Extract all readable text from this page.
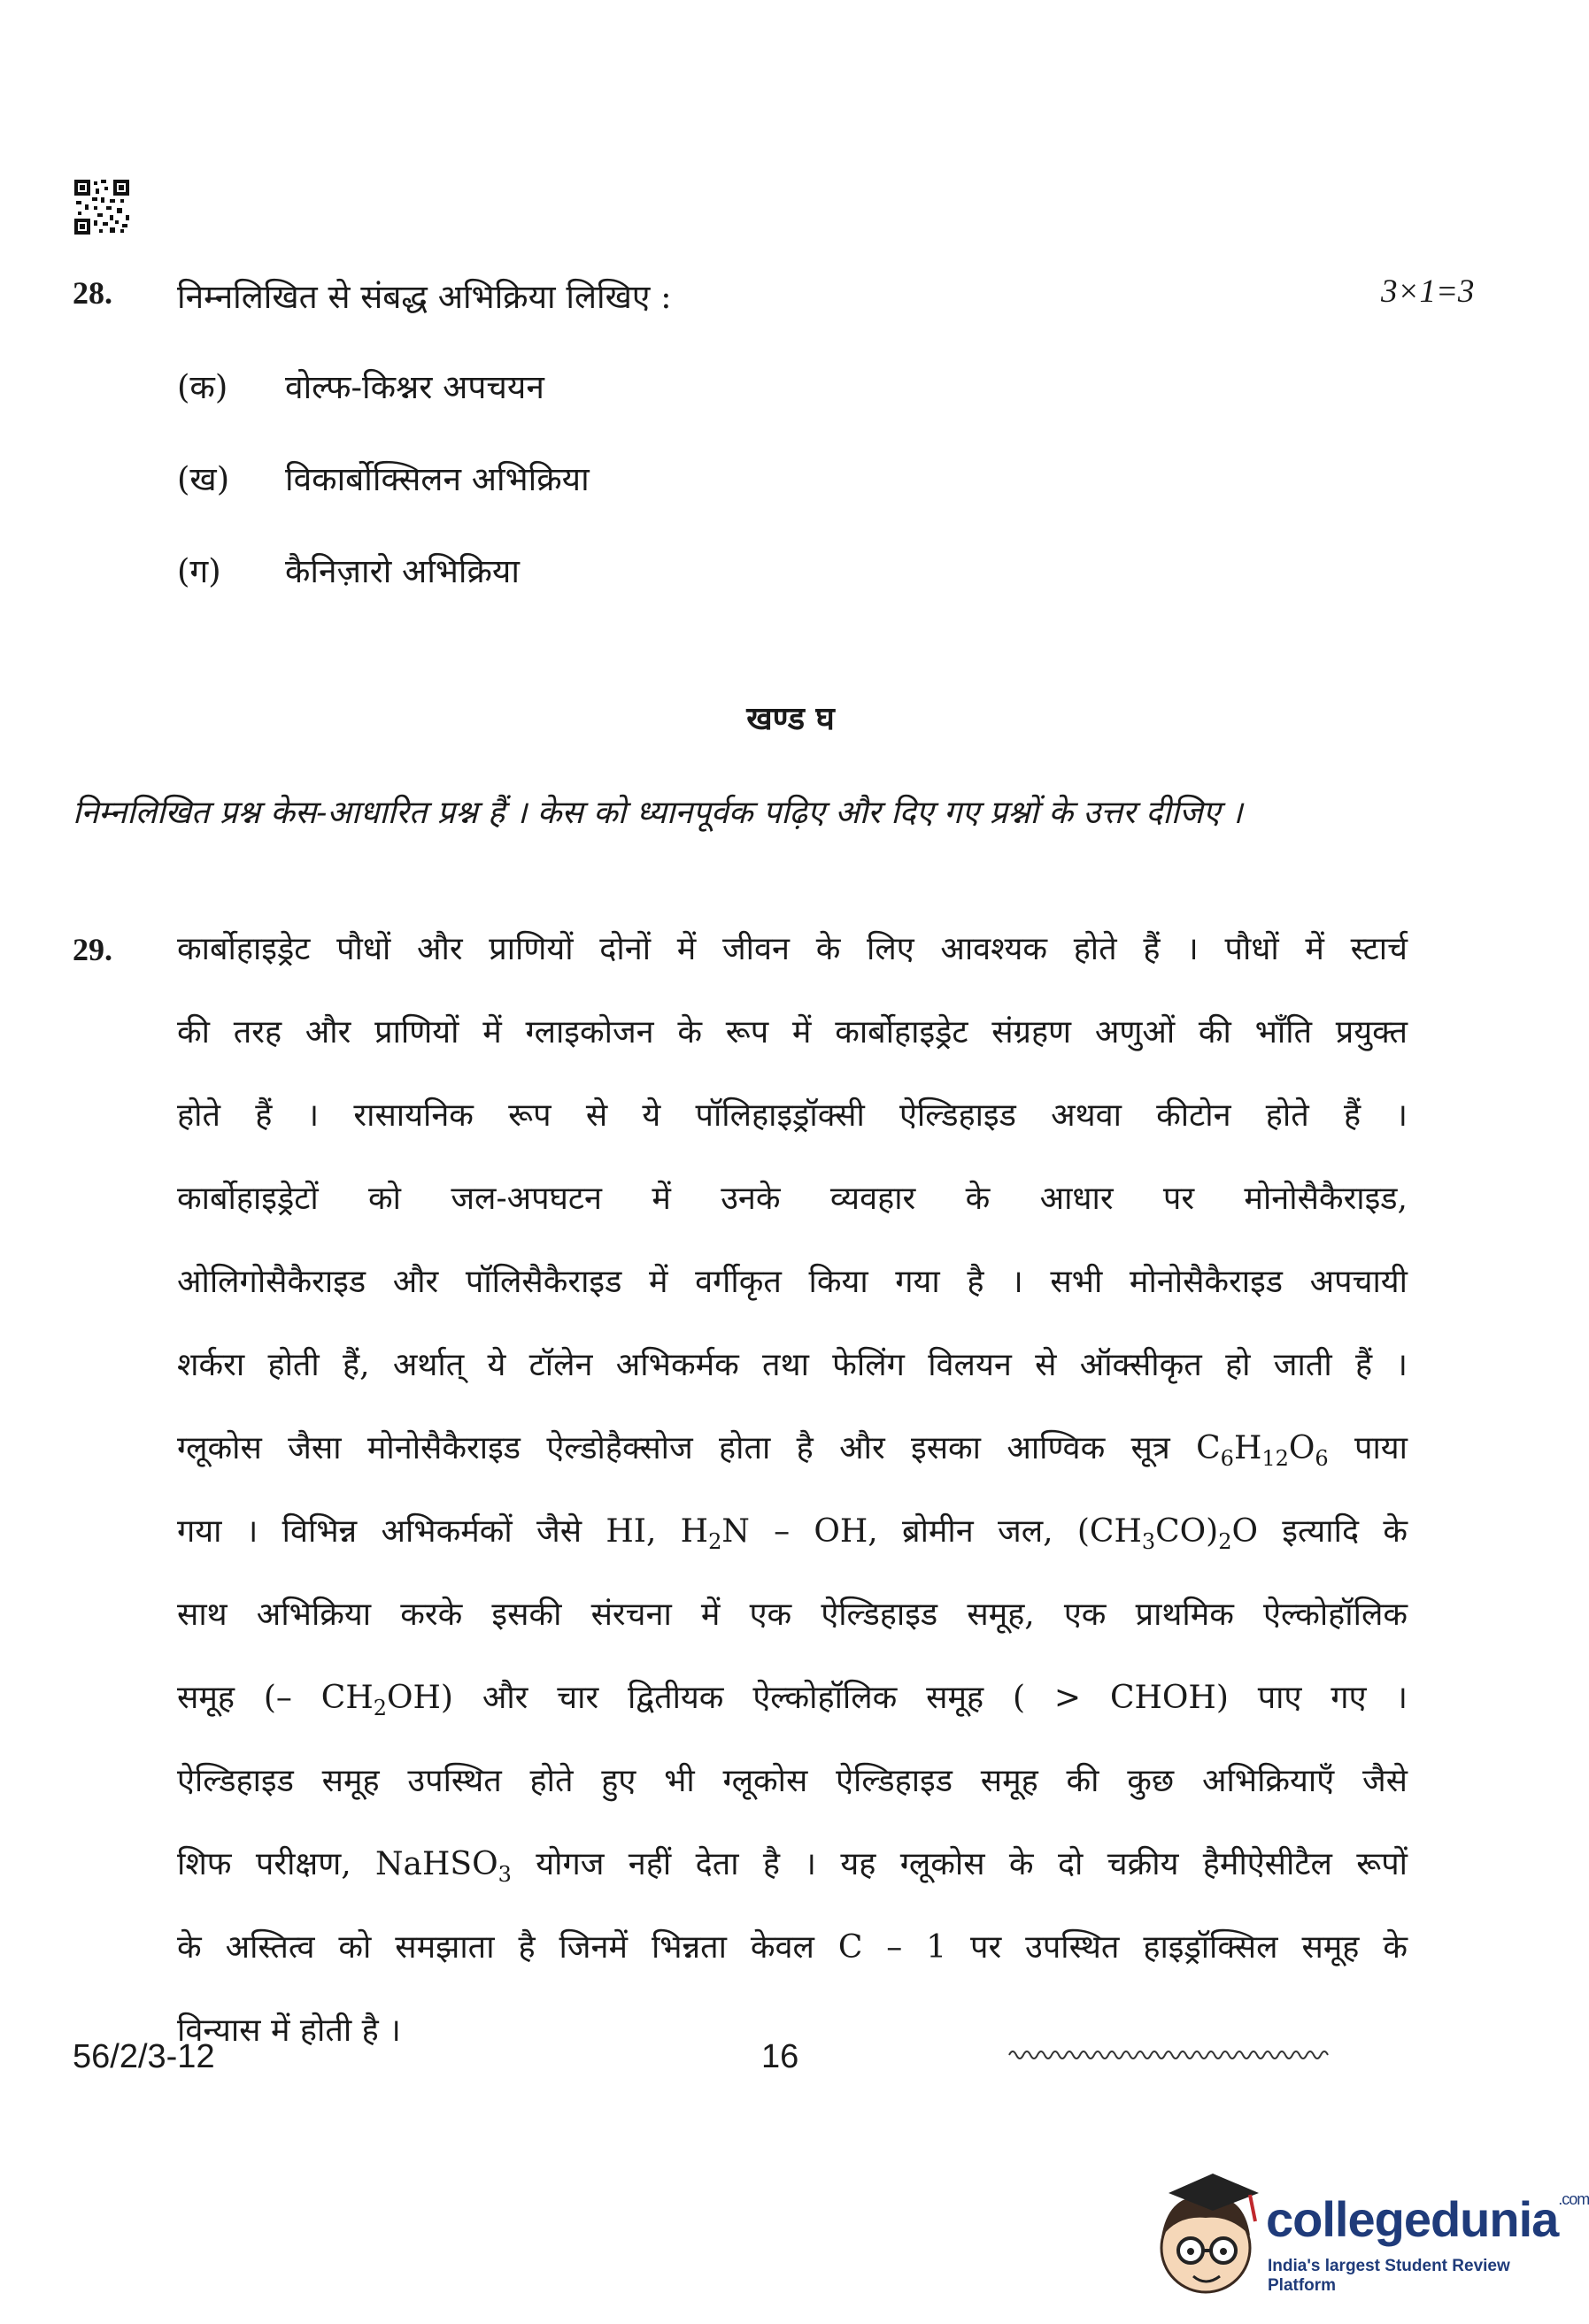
28. निम्नलिखित से संबद्ध अभिक्रिया लिखिए :	3×1=3
(क) वोल्फ-किश्नर अपचयन
(ख) विकार्बोक्सिलन अभिक्रिया
(ग) कैनिज़ारो अभिक्रिया
खण्ड घ
निम्नलिखित प्रश्न केस-आधारित प्रश्न हैं । केस को ध्यानपूर्वक पढ़िए और दिए गए प्रश्नों के उत्तर दीजिए ।
29. कार्बोहाइड्रेट पौधों और प्राणियों दोनों में जीवन के लिए आवश्यक होते हैं । पौधों में स्टार्च
की तरह और प्राणियों में ग्लाइकोजन के रूप में कार्बोहाइड्रेट संग्रहण अणुओं की भाँति प्रयुक्त
होते हैं । रासायनिक रूप से ये पॉलिहाइड्रॉक्सी ऐल्डिहाइड अथवा कीटोन होते हैं ।
कार्बोहाइड्रेटों को जल-अपघटन में उनके व्यवहार के आधार पर मोनोसैकैराइड,
ओलिगोसैकैराइड और पॉलिसैकैराइड में वर्गीकृत किया गया है । सभी मोनोसैकैराइड अपचायी
शर्करा होती हैं, अर्थात् ये टॉलेन अभिकर्मक तथा फेलिंग विलयन से ऑक्सीकृत हो जाती हैं ।
ग्लूकोस जैसा मोनोसैकैराइड ऐल्डोहैक्सोज होता है और इसका आण्विक सूत्र $C_6H_{12}O_6$ पाया
गया । विभिन्न अभिकर्मकों जैसे HI, $H_2N$ – OH, ब्रोमीन जल, $(CH_3CO)_2O$ इत्यादि के
साथ अभिक्रिया करके इसकी संरचना में एक ऐल्डिहाइड समूह, एक प्राथमिक ऐल्कोहॉलिक
समूह (– $CH_2OH$) और चार द्वितीयक ऐल्कोहॉलिक समूह ( > CHOH) पाए गए ।
ऐल्डिहाइड समूह उपस्थित होते हुए भी ग्लूकोस ऐल्डिहाइड समूह की कुछ अभिक्रियाएँ जैसे
शिफ परीक्षण, NaHSO$_3$ योगज नहीं देता है । यह ग्लूकोस के दो चक्रीय हैमीऐसीटैल रूपों
के अस्तित्व को समझाता है जिनमें भिन्नता केवल C – 1 पर उपस्थित हाइड्रॉक्सिल समूह के
विन्यास में होती है ।
56/2/3-12	16
collegedunia$^{.com}$
India's largest Student Review Platform
